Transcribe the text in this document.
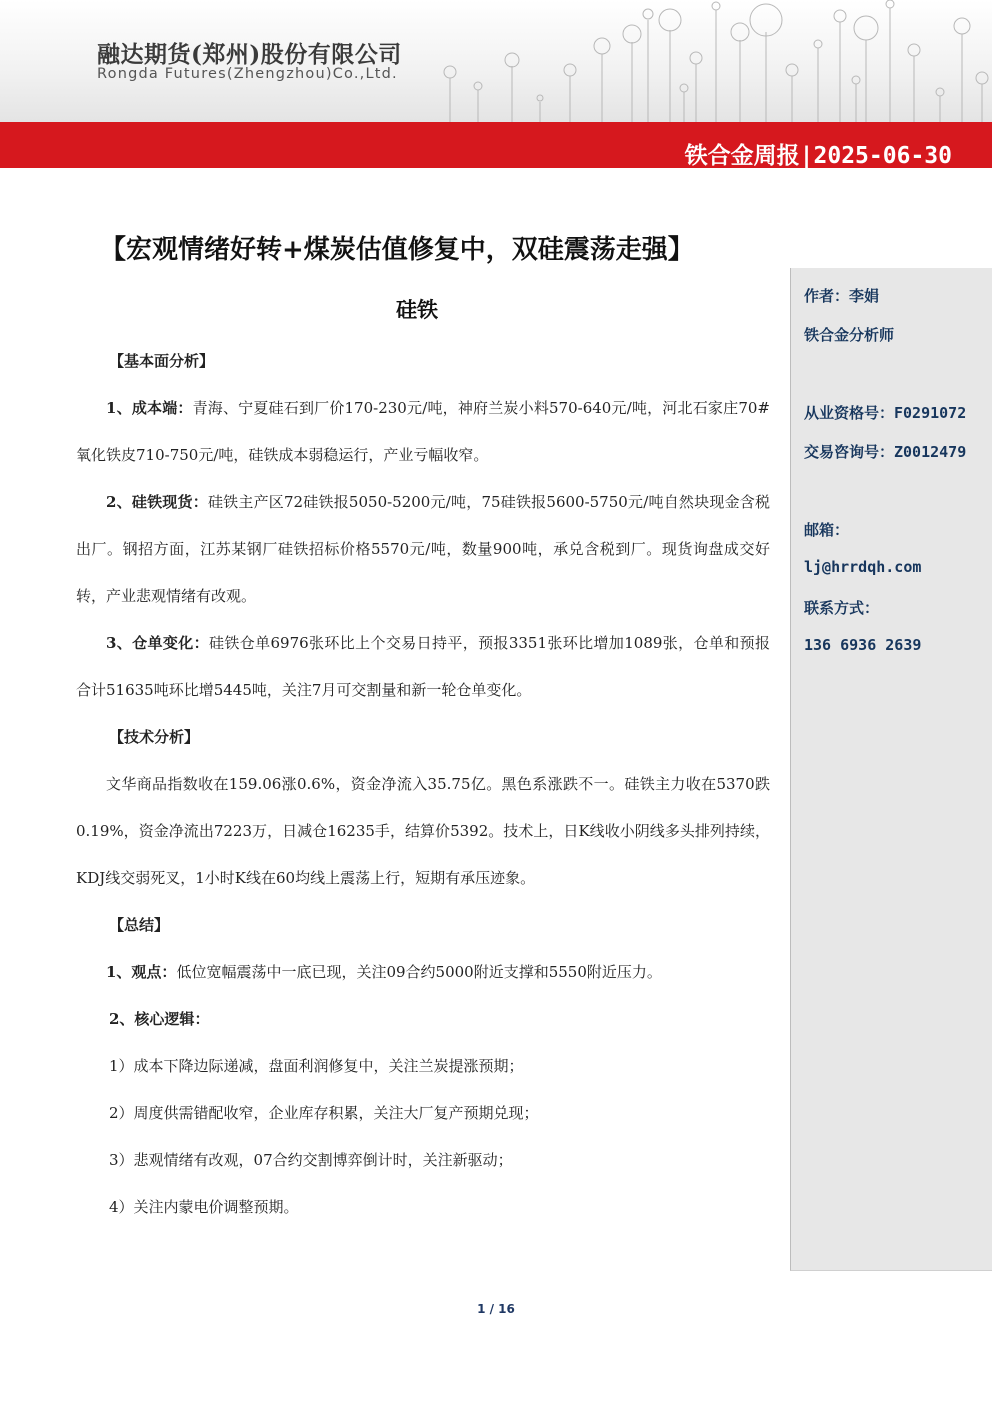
融达期货(郑州)股份有限公司
Rongda Futures(Zhengzhou)Co.,Ltd.
铁合金周报|2025-06-30
【宏观情绪好转+煤炭估值修复中，双硅震荡走强】
硅铁
作者：李娟
铁合金分析师
从业资格号：F0291072
交易咨询号：Z0012479
邮箱：
lj@hrrdqh.com
联系方式：
136 6936 2639

【基本面分析】

1、成本端：青海、宁夏硅石到厂价170-230元/吨，神府兰炭小料570-640元/吨，河北石家庄70#氧化铁皮710-750元/吨，硅铁成本弱稳运行，产业亏幅收窄。

2、硅铁现货：硅铁主产区72硅铁报5050-5200元/吨，75硅铁报5600-5750元/吨自然块现金含税出厂。钢招方面，江苏某钢厂硅铁招标价格5570元/吨，数量900吨，承兑含税到厂。现货询盘成交好转，产业悲观情绪有改观。

3、仓单变化：硅铁仓单6976张环比上个交易日持平，预报3351张环比增加1089张，仓单和预报合计51635吨环比增5445吨，关注7月可交割量和新一轮仓单变化。

【技术分析】

文华商品指数收在159.06涨0.6%，资金净流入35.75亿。黑色系涨跌不一。硅铁主力收在5370跌0.19%，资金净流出7223万，日减仓16235手，结算价5392。技术上，日K线收小阴线多头排列持续，KDJ线交弱死叉，1小时K线在60均线上震荡上行，短期有承压迹象。

【总结】

1、观点：低位宽幅震荡中一底已现，关注09合约5000附近支撑和5550附近压力。

2、核心逻辑：

1）成本下降边际递减，盘面利润修复中，关注兰炭提涨预期；

2）周度供需错配收窄，企业库存积累，关注大厂复产预期兑现；

3）悲观情绪有改观，07合约交割博弈倒计时，关注新驱动；

4）关注内蒙电价调整预期。

1 / 16
